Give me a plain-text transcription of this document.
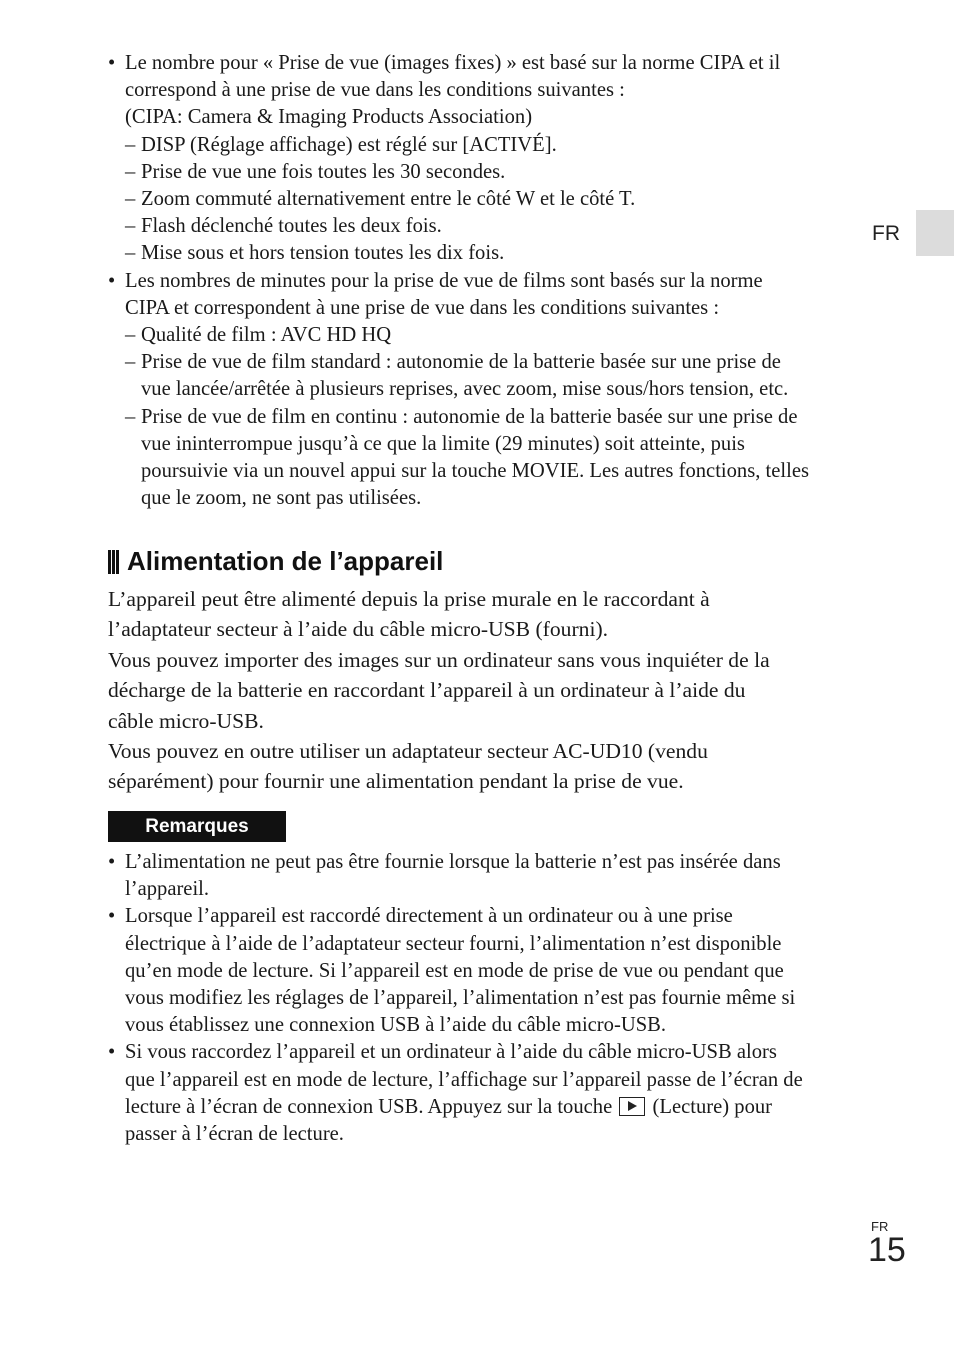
FR
• Le nombre pour « Prise de vue (images fixes) » est basé sur la norme CIPA et il
correspond à une prise de vue dans les conditions suivantes :
(CIPA: Camera & Imaging Products Association)
– DISP (Réglage affichage) est réglé sur [ACTIVÉ].
– Prise de vue une fois toutes les 30 secondes.
– Zoom commuté alternativement entre le côté W et le côté T.
– Flash déclenché toutes les deux fois.
– Mise sous et hors tension toutes les dix fois.
• Les nombres de minutes pour la prise de vue de films sont basés sur la norme
CIPA et correspondent à une prise de vue dans les conditions suivantes :
– Qualité de film : AVC HD HQ
– Prise de vue de film standard : autonomie de la batterie basée sur une prise de
vue lancée/arrêtée à plusieurs reprises, avec zoom, mise sous/hors tension, etc.
– Prise de vue de film en continu : autonomie de la batterie basée sur une prise de
vue ininterrompue jusqu’à ce que la limite (29 minutes) soit atteinte, puis
poursuivie via un nouvel appui sur la touche MOVIE. Les autres fonctions, telles
que le zoom, ne sont pas utilisées.
Alimentation de l’appareil

L’appareil peut être alimenté depuis la prise murale en le raccordant à
l’adaptateur secteur à l’aide du câble micro-USB (fourni).

Vous pouvez importer des images sur un ordinateur sans vous inquiéter de la
décharge de la batterie en raccordant l’appareil à un ordinateur à l’aide du
câble micro-USB.

Vous pouvez en outre utiliser un adaptateur secteur AC-UD10 (vendu
séparément) pour fournir une alimentation pendant la prise de vue.

Remarques
• L’alimentation ne peut pas être fournie lorsque la batterie n’est pas insérée dans
l’appareil.
• Lorsque l’appareil est raccordé directement à un ordinateur ou à une prise
électrique à l’aide de l’adaptateur secteur fourni, l’alimentation n’est disponible
qu’en mode de lecture. Si l’appareil est en mode de prise de vue ou pendant que
vous modifiez les réglages de l’appareil, l’alimentation n’est pas fournie même si
vous établissez une connexion USB à l’aide du câble micro-USB.
• Si vous raccordez l’appareil et un ordinateur à l’aide du câble micro-USB alors
que l’appareil est en mode de lecture, l’affichage sur l’appareil passe de l’écran de
lecture à l’écran de connexion USB. Appuyez sur la touche (Lecture) pour
passer à l’écran de lecture.
FR
15
